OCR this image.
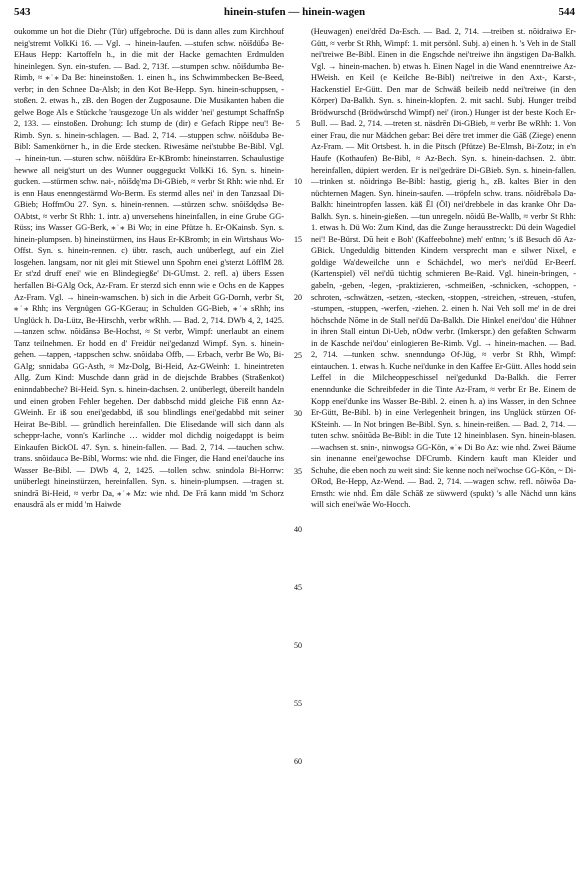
543	hinein-stufen — hinein-wagen	544

oukomme un hot die Diehr (Tür) uffgebroche. Dü is dann alles zum Kirchhouf neig'stremt VolkKi 16. — Vgl. → hinein-laufen. —stufen schw. nõišdüb̈ə Be-EHaus Hepp: Kartoffeln h., in die mit der Hacke gemachten Erdmulden hineinlegen. Syn. ein-stufen. — Bad. 2, 713f. —stumpen schw. nõišdumbə Be-Rimb, ≈ ⁎˙⁎ Da Be: hineinstoßen. 1. einen h., ins Schwimmbecken Be-Beed, verbr; in den Schnee Da-Alsb; in den Kot Be-Hepp. Syn. hinein-schuppsen, -stoßen. 2. etwas h., zB. den Bogen der Zugposaune. Die Musikanten haben die gelwe Boge Als e Stückche 'rausgezoge Un als widder 'nei' gestumpt SchaffnSp 2, 133. — einstoßen. Drohung: Ich stump de (dir) e Gefach Rippe neu'! Be-Rimb. Syn. s. hinein-schlagen. — Bad. 2, 714. —stuppen schw. nõišdubə Be-Bibl: Samenkörner h., in die Erde stecken. Riwesäme nei'stubbe Be-Bibl. Vgl. → hinein-tun. —sturen schw. nõišdürə Er-KBromb: hineinstarren. Schaulustige hewwe all neig'sturt un des Wunner ouggeguckt VolkKi 16. Syn. s. hinein-gucken. —stürmen schw. nəi-, nõišdę'mə Di-GBieb, ≈ verbr St Rhh: wie nhd. Er is enn Haus enenngestärmd Wo-Berm. Es stermd alles nei' in den Tanzsaal Di-GBieb; HoffmOu 27. Syn. s. hinein-rennen. —stürzen schw. snõišdędsə Be-OAbtst, ≈ verbr St Rhh: 1. intr. a) unversehens hineinfallen, in eine Grube GG-Rüss; ins Wasser GG-Berk, ⁎˙⁎ Bi Wo; in eine Pfütze h. Er-OKainsb. Syn. s. hinein-plumpsen. b) hineinstürmen, ins Haus Er-KBromb; in ein Wirtshaus Wo-Offst. Syn. s. hinein-rennen. c) übtr. rasch, auch unüberlegt, auf ein Ziel losgehen. langsam, nor nit glei mit Stiewel unn Spohrn enei g'sterzt LöfflM 28. Er st'zd druff enei' wie en Blindegiegße' Di-GUmst. 2. refl. a) übers Essen herfallen Bi-GAlg Ock, Az-Fram. Er sterzd sich ennn wie e Ochs en de Kappes Az-Fram. Vgl. → hinein-wamschen. b) sich in die Arbeit GG-Dornh, verbr St, ⁎˙⁎ Rhh; ins Vergnügen GG-KGerau; in Schulden GG-Bieb, ⁎˙⁎ sRhh; ins Unglück h. Da-Lütz, Be-Hirschh, verbr wRhh. — Bad. 2, 714. DWb 4, 2, 1425. —tanzen schw. nõidãnsə Be-Hochst, ≈ St verbr, Wimpf: unerlaubt an einem Tanz teilnehmen. Er hodd en d' Freidür nei'gedanzd Wimpf. Syn. s. hinein-gehen. —tappen, -tappschen schw. snõidabə Offb, — Erbach, verbr Be Wo, Bi-GAlg; snnidabə GG-Asth, ≈ Mz-Dolg, Bi-Heid, Az-GWeinh: 1. hineintreten Allg. Zum Kind: Muschde dann gräd in de diejschde Brabbes (Straßenkot) eninndabbeche? Bi-Heid. Syn. s. hinein-dachsen. 2. unüberlegt, übereilt handeln und einen groben Fehler begehen. Der dabbschd midd gleiche Fiß ennn Az-GWeinh. Er iß sou enei'gedabbd, iß sou blindlings enei'gedabbd mit seiner Heirat Be-Bibl. — gründlich hereinfallen. Die Elisedande will sich dann als scheppr-lache, vonn's Karlinche … widder mol dichdig noigedappt is beim Einkaufen BickOL 47. Syn. s. hinein-fallen. — Bad. 2, 714. —tauchen schw. trans. snõidaucə Be-Bibl, Worms: wie nhd. die Finger, die Hand enei'dauche ins Wasser Be-Bibl. — DWb 4, 2, 1425. —tollen schw. snindolə Bi-Horrw: unüberlegt hineinstürzen, hereinfallen. Syn. s. hinein-plumpsen. —tragen st. snindrā Bi-Heid, ≈ verbr Da, ⁎˙⁎ Mz: wie nhd. De Frā kann midd 'm Schorz enausdrā als er midd 'm Haiwde

5
10
15
20
25
30
35
40
45
50
55
60

(Heuwagen) enei'drēd Da-Esch. — Bad. 2, 714. —treiben st. nõidraiwə Er-Gütt, ≈ verbr St Rhh, Wimpf: 1. mit persönl. Subj. a) einen h. 's Veh in de Stall nei'treiwe Be-Bibl. Einen in die Engschde nei'treiwe ihn ängstigen Da-Balkh. Vgl. → hinein-machen. b) etwas h. Einen Nagel in die Wand enenntreiwe Az-HWeish. en Keil (e Keilche Be-Bibl) nei'treiwe in den Axt-, Karst-, Hackenstiel Er-Gütt. Den mar de Schwäß beileib nedd nei'treiwe (in den Körper) Da-Balkh. Syn. s. hinein-klopfen. 2. mit sachl. Subj. Hunger treibd Brödwurschd (Brödwürschd Wimpf) nei' (iron.) Hunger ist der beste Koch Er-Bull. — Bad. 2, 714. —treten st. näsdrēn Di-GBieb, ≈ verbr Be wRhh: 1. Von einer Frau, die nur Mädchen gebar: Bei dēre tret immer die Gāß (Ziege) enenn Az-Fram. — Mit Ortsbest. h. in die Pitsch (Pfütze) Be-Elmsh, Bi-Zotz; in e'n Haufe (Kothaufen) Be-Bibl, ≈ Az-Bech. Syn. s. hinein-dachsen. 2. übtr. hereinfallen, düpiert werden. Er is nei'gedräre Di-GBieb. Syn. s. hinein-fallen. —trinken st. nõidringə Be-Bibl: hastig, gierig h., zB. kaltes Bier in den nüchternen Magen. Syn. hinein-saufen. —tröpfeln schw. trans. nõidrēbələ Da-Balkh: hineintropfen lassen. käß Ēl (Öl) nei'drebbele in das kranke Ohr Da-Balkh. Syn. s. hinein-gießen. —tun unregeln. nõidū Be-Wallb, ≈ verbr St Rhh: 1. etwas h. Dü Wo: Zum Kind, das die Zunge herausstreckt: Dü dein Wagediel nei'! Be-Bürst. Dū heit e Boh' (Kaffeebohne) meh' enīnn; 's iß Besuch dō Az-GBick. Ungeduldig bittenden Kindern versprecht man e silwer Nixel, e goldige Wa'deweilche unn e Schächdel, wo mer's nei'dūd Er-Beerf. (Kartenspiel) vēl nei'dū tüchtig schmieren Be-Raid. Vgl. hinein-bringen, -gabeln, -geben, -legen, -praktizieren, -schmeißen, -schnicken, -schoppen, -schroten, -schwätzen, -setzen, -stecken, -stoppen, -streichen, -streuen, -stufen, -stumpen, -stuppen, -werfen, -ziehen. 2. einen h. Nai Veh soll me' in de drei höchschde Nōme in de Stall nei'dū Da-Balkh. Die Hinkel enei'dou' die Hühner in ihren Stall eintun Di-Ueb, nOdw verbr. (Imkerspr.) den gefaßten Schwarm in de Kaschde nei'dou' einlogieren Be-Rimb. Vgl. → hinein-machen. — Bad. 2, 714. —tunken schw. snenndungə Of-Jüg, ≈ verbr St Rhh, Wimpf: eintauchen. 1. etwas h. Kuche nei'dunke in den Kaffee Er-Gütt. Alles hodd sein Leffel in die Milcheoppeschissel nei'gedunkd Da-Balkh. die Ferrer enenndunke die Schreibfeder in die Tinte Az-Fram, ≈ verbr Er Be. Einem de Kopp enei'dunke ins Wasser Be-Bibl. 2. einen h. a) ins Wasser, in den Schnee Er-Gütt, Be-Bibl. b) in eine Verlegenheit bringen, ins Unglück stürzen Of-KSteinh. — In Not bringen Be-Bibl. Syn. s. hinein-reißen. — Bad. 2, 714. —tuten schw. snõitūdə Be-Bibl: in die Tute 12 hineinblasen. Syn. hinein-blasen. —wachsen st. snin-, ninwogsə GG-Kön, ⁎˙⁎ Di Bo Az: wie nhd. Zwei Bäume sin inenanne enei'gewochse DFCrumb. Kindern kauft man Kleider und Schuhe, die eben noch zu weit sind: Sie kenne noch nei'wochse GG-Kön, ~ Di-ORod, Be-Hepp, Az-Wend. — Bad. 2, 714. —wagen schw. refl. nõiwōə Da-Ernsth: wie nhd. Ēm dāle Schāß ze süwwerd (spukt) 's alle Nächd unn käns will sich enei'wāe Wo-Hocch.
